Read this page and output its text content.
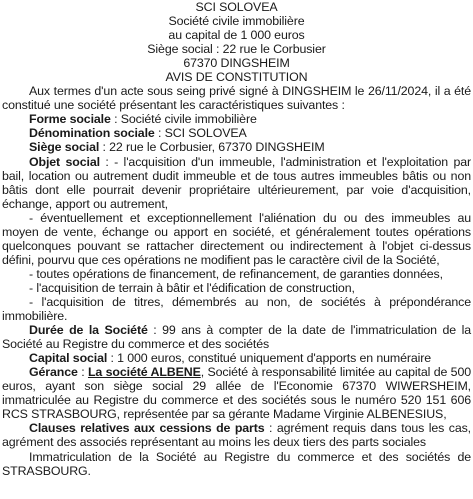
SCI SOLOVEA

Société civile immobilière

au capital de 1 000 euros

Siège social : 22 rue le Corbusier

67370 DINGSHEIM

AVIS DE CONSTITUTION

Aux termes d'un acte sous seing privé signé à DINGSHEIM le 26/11/2024, il a été constitué une société présentant les caractéristiques suivantes :

Forme sociale : Société civile immobilière

Dénomination sociale : SCI SOLOVEA

Siège social : 22 rue le Corbusier, 67370 DINGSHEIM

Objet social : - l'acquisition d'un immeuble, l'administration et l'exploitation par bail, location ou autrement dudit immeuble et de tous autres immeubles bâtis ou non bâtis dont elle pourrait devenir propriétaire ultérieurement, par voie d'acquisition, échange, apport ou autrement,

- éventuellement et exceptionnellement l'aliénation du ou des immeubles au moyen de vente, échange ou apport en société, et généralement toutes opérations quelconques pouvant se rattacher directement ou indirectement à l'objet ci-dessus défini, pourvu que ces opérations ne modifient pas le caractère civil de la Société,

- toutes opérations de financement, de refinancement, de garanties données,

- l'acquisition de terrain à bâtir et l'édification de construction,

- l'acquisition de titres, démembrés au non, de sociétés à prépondérance immobilière.

Durée de la Société : 99 ans à compter de la date de l'immatriculation de la Société au Registre du commerce et des sociétés

Capital social : 1 000 euros, constitué uniquement d'apports en numéraire

Gérance : La société ALBENE, Société à responsabilité limitée au capital de 500 euros, ayant son siège social 29 allée de l'Economie 67370 WIWERSHEIM, immatriculée au Registre du commerce et des sociétés sous le numéro 520 151 606 RCS STRASBOURG, représentée par sa gérante Madame Virginie ALBENESIUS,

Clauses relatives aux cessions de parts : agrément requis dans tous les cas, agrément des associés représentant au moins les deux tiers des parts sociales

Immatriculation de la Société au Registre du commerce et des sociétés de STRASBOURG.
